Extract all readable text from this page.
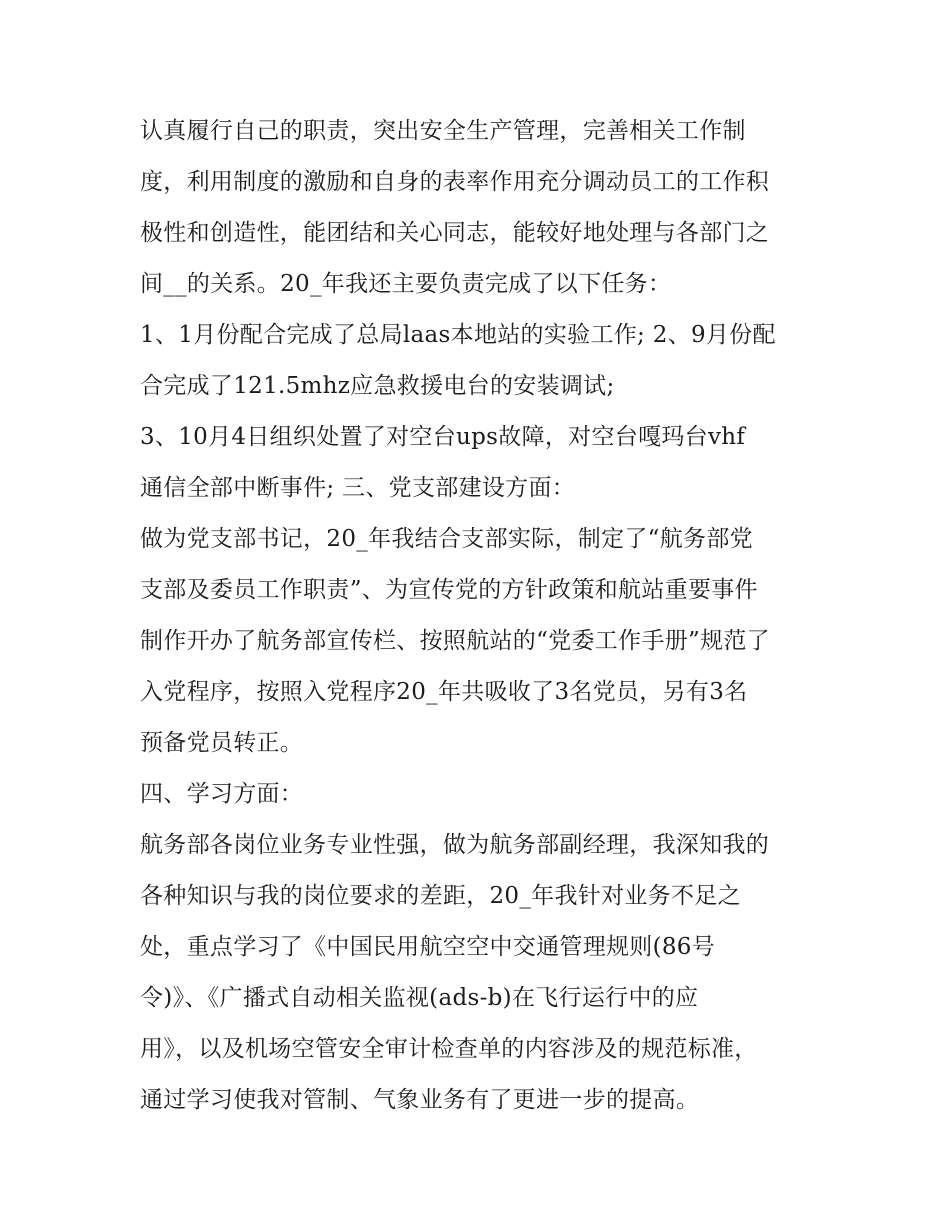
认真履行自己的职责，突出安全生产管理，完善相关工作制
度，利用制度的激励和自身的表率作用充分调动员工的工作积
极性和创造性，能团结和关心同志，能较好地处理与各部门之
间__的关系。20_年我还主要负责完成了以下任务：
1、1月份配合完成了总局laas本地站的实验工作; 2、9月份配
合完成了121.5mhz应急救援电台的安装调试;
3、10月4日组织处置了对空台ups故障，对空台嘎玛台vhf
通信全部中断事件; 三、党支部建设方面：
做为党支部书记，20_年我结合支部实际，制定了“航务部党
支部及委员工作职责”、为宣传党的方针政策和航站重要事件
制作开办了航务部宣传栏、按照航站的“党委工作手册”规范了
入党程序，按照入党程序20_年共吸收了3名党员，另有3名
预备党员转正。
四、学习方面：
航务部各岗位业务专业性强，做为航务部副经理，我深知我的
各种知识与我的岗位要求的差距，20_年我针对业务不足之
处，重点学习了《中国民用航空空中交通管理规则(86号
令)》、《广播式自动相关监视(ads-b)在飞行运行中的应
用》，以及机场空管安全审计检查单的内容涉及的规范标准，
通过学习使我对管制、气象业务有了更进一步的提高。
